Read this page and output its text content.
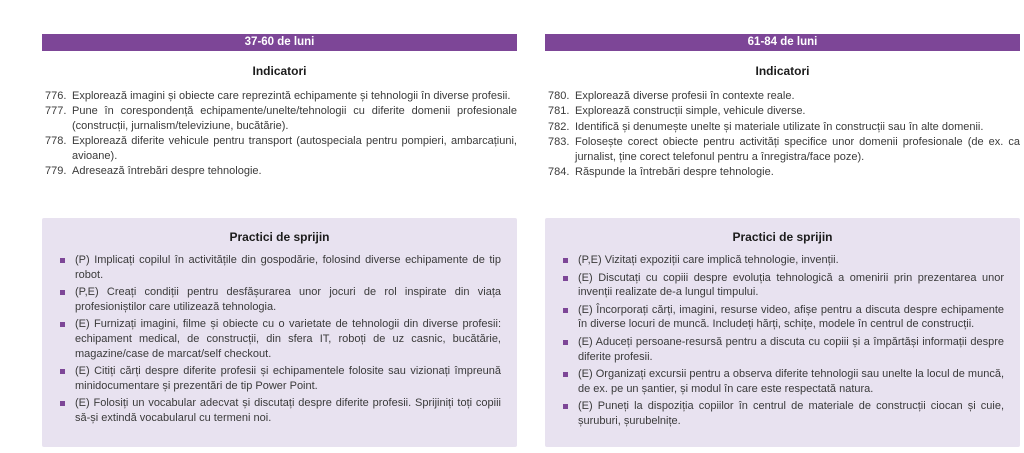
37-60 de luni
Indicatori
776. Explorează imagini și obiecte care reprezintă echipamente și tehnologii în diverse profesii.
777. Pune în corespondență echipamente/unelte/tehnologii cu diferite domenii profesionale (construcții, jurnalism/televiziune, bucătărie).
778. Explorează diferite vehicule pentru transport (autospeciala pentru pompieri, ambarcațiuni, avioane).
779. Adresează întrebări despre tehnologie.
Practici de sprijin
(P) Implicați copilul în activitățile din gospodărie, folosind diverse echipamente de tip robot.
(P,E) Creați condiții pentru desfășurarea unor jocuri de rol inspirate din viața profesioniștilor care utilizează tehnologia.
(E) Furnizați imagini, filme și obiecte cu o varietate de tehnologii din diverse profesii: echipament medical, de construcții, din sfera IT, roboți de uz casnic, bucătărie, magazine/case de marcat/self checkout.
(E) Citiți cărți despre diferite profesii și echipamentele folosite sau vizionați împreună minidocumentare și prezentări de tip Power Point.
(E) Folosiți un vocabular adecvat și discutați despre diferite profesii. Sprijiniți toți copiii să-și extindă vocabularul cu termeni noi.
61-84 de luni
Indicatori
780. Explorează diverse profesii în contexte reale.
781. Explorează construcții simple, vehicule diverse.
782. Identifică și denumește unelte și materiale utilizate în construcții sau în alte domenii.
783. Folosește corect obiecte pentru activități specifice unor domenii profesionale (de ex. ca jurnalist, ține corect telefonul pentru a înregistra/face poze).
784. Răspunde la întrebări despre tehnologie.
Practici de sprijin
(P,E) Vizitați expoziții care implică tehnologie, invenții.
(E) Discutați cu copiii despre evoluția tehnologică a omenirii prin prezentarea unor invenții realizate de-a lungul timpului.
(E) Încorporați cărți, imagini, resurse video, afișe pentru a discuta despre echipamente în diverse locuri de muncă. Includeți hărți, schițe, modele în centrul de construcții.
(E) Aduceți persoane-resursă pentru a discuta cu copiii și a împărtăși informații despre diferite profesii.
(E) Organizați excursii pentru a observa diferite tehnologii sau unelte la locul de muncă, de ex. pe un șantier, și modul în care este respectată natura.
(E) Puneți la dispoziția copiilor în centrul de materiale de construcții ciocan și cuie, șuruburi, șurubelnițe.
